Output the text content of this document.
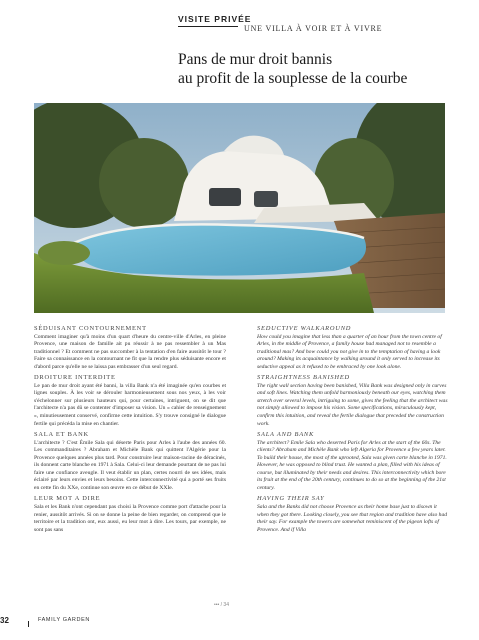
VISITE PRIVÉE
UNE VILLA À VOIR ET À VIVRE
Pans de mur droit bannis
au profit de la souplesse de la courbe
SÉDUISANT CONTOURNEMENT

Comment imaginer qu'à moins d'un quart d'heure du centre-ville d'Arles, en pleine Provence, une maison de famille ait pu réussir à ne pas ressembler à un Mas traditionnel ? Et comment ne pas succomber à la tentation d'en faire aussitôt le tour ? Faire sa connaissance en la contournant ne fit que la rendre plus séduisante encore et d'abord parce qu'elle ne se laissa pas embrasser d'un seul regard.

DROITURE INTERDITE

Le pan de mur droit ayant été banni, la villa Bank n'a été imaginée qu'en courbes et lignes souples. À les voir se dérouler harmonieusement sous nos yeux, à les voir s'échelonner sur plusieurs hauteurs qui, pour certaines, intriguent, on se dit que l'architecte n'a pas dû se contenter d'imposer sa vision. Un « cahier de renseignement », minutieusement conservé, confirme cette intuition. S'y trouve consigné le dialogue fertile qui précéda la mise en chantier.

SALA ET BANK

L'architecte ? C'est Émile Sala qui déserte Paris pour Arles à l'aube des années 60. Les commanditaires ? Abraham et Michèle Bank qui quittent l'Algérie pour la Provence quelques années plus tard. Pour construire leur maison-racine de déracinés, ils donnent carte blanche en 1971 à Sala. Celui-ci leur demande pourtant de ne pas lui faire une confiance aveugle. Il veut établir un plan, certes nourri de ses idées, mais éclairé par leurs envies et leurs besoins. Cette interconnectivité qui a porté ses fruits en cette fin du XXe, continue son œuvre en ce début de XXIe.

LEUR MOT A DIRE

Sala et les Bank n'ont cependant pas choisi la Provence comme port d'attache pour la renier, aussitôt arrivés. Si on se donne la peine de bien regarder, on comprend que le territoire et la tradition ont, eux aussi, eu leur mot à dire. Les tours, par exemple, ne sont pas sans

SEDUCTIVE WALKAROUND

How could you imagine that less than a quarter of an hour from the town centre of Arles, in the middle of Provence, a family house had managed not to resemble a traditional mas? And how could you not give in to the temptation of having a look around? Making its acquaintance by walking around it only served to increase its seductive appeal as it refused to be embraced by one look alone.

STRAIGHTNESS BANISHED

The right wall section having been banished, Villa Bank was designed only in curves and soft lines. Watching them unfold harmoniously beneath our eyes, watching them stretch over several levels, intriguing to some, gives the feeling that the architect was not simply allowed to impose his vision. Some specifications, miraculously kept, confirm this intuition, and reveal the fertile dialogue that preceded the construction work.

SALA AND BANK

The architect? Emile Sala who deserted Paris for Arles at the start of the 60s. The clients? Abraham and Michèle Bank who left Algeria for Provence a few years later. To build their house, the most of the uprooted, Sala was given carte blanche in 1971. However, he was opposed to blind trust. He wanted a plan, filled with his ideas of course, but illuminated by their needs and desires. This interconnectivity which bore its fruit at the end of the 20th century, continues to do so at the beginning of the 21st century.

HAVING THEIR SAY

Sala and the Banks did not choose Provence as their home base just to disown it when they got there. Looking closely, you see that region and tradition have also had their say. For example the towers are somewhat reminiscent of the pigeon lofts of Provence. And if Villa

••• / 34
32	FAMILY GARDEN
